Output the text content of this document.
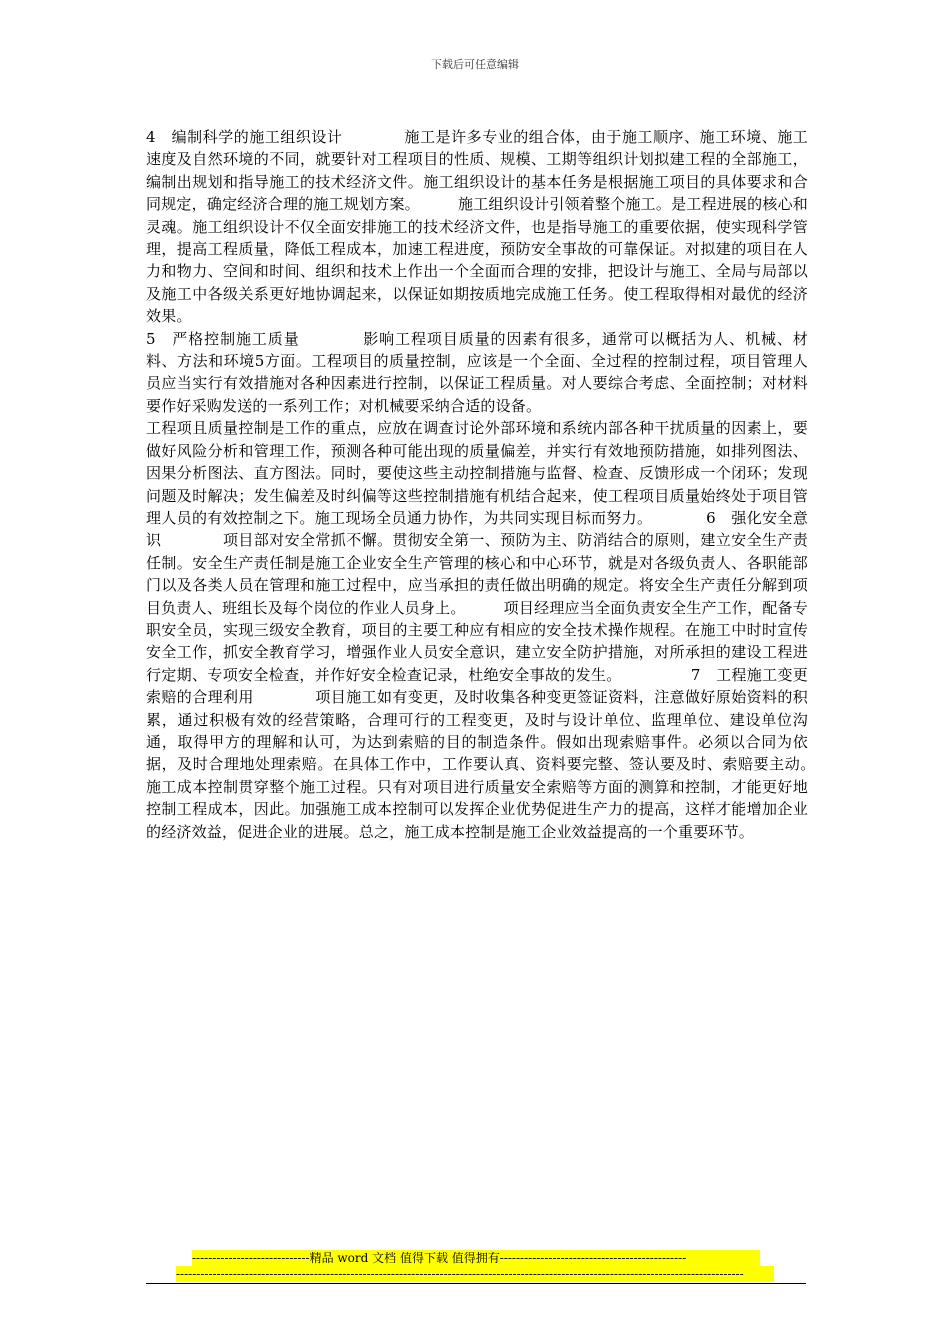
下载后可任意编辑

4　编制科学的施工组织设计　　　　施工是许多专业的组合体，由于施工顺序、施工环境、施工速度及自然环境的不同，就要针对工程项目的性质、规模、工期等组织计划拟建工程的全部施工，编制出规划和指导施工的技术经济文件。施工组织设计的基本任务是根据施工项目的具体要求和合同规定，确定经济合理的施工规划方案。　　　施工组织设计引领着整个施工。是工程进展的核心和灵魂。施工组织设计不仅全面安排施工的技术经济文件，也是指导施工的重要依据，使实现科学管理，提高工程质量，降低工程成本，加速工程进度，预防安全事故的可靠保证。对拟建的项目在人力和物力、空间和时间、组织和技术上作出一个全面而合理的安排，把设计与施工、全局与局部以及施工中各级关系更好地协调起来，以保证如期按质地完成施工任务。使工程取得相对最优的经济效果。

5　严格控制施工质量　　　　影响工程项目质量的因素有很多，通常可以概括为人、机械、材料、方法和环境5方面。工程项目的质量控制，应该是一个全面、全过程的控制过程，项目管理人员应当实行有效措施对各种因素进行控制，以保证工程质量。对人要综合考虑、全面控制；对材料要作好采购发送的一系列工作；对机械要采纳合适的设备。

工程项且质量控制是工作的重点，应放在调查讨论外部环境和系统内部各种干扰质量的因素上，要做好风险分析和管理工作，预测各种可能出现的质量偏差，并实行有效地预防措施，如排列图法、因果分析图法、直方图法。同时，要使这些主动控制措施与监督、检查、反馈形成一个闭环；发现问题及时解决；发生偏差及时纠偏等这些控制措施有机结合起来，使工程项目质量始终处于项目管理人员的有效控制之下。施工现场全员通力协作，为共同实现目标而努力。　　　　6　强化安全意识　　　　项目部对安全常抓不懈。贯彻安全第一、预防为主、防消结合的原则，建立安全生产责任制。安全生产责任制是施工企业安全生产管理的核心和中心环节，就是对各级负责人、各职能部门以及各类人员在管理和施工过程中，应当承担的责任做出明确的规定。将安全生产责任分解到项目负责人、班组长及每个岗位的作业人员身上。　　　项目经理应当全面负责安全生产工作，配备专职安全员，实现三级安全教育，项目的主要工种应有相应的安全技术操作规程。在施工中时时宣传安全工作，抓安全教育学习，增强作业人员安全意识，建立安全防护措施，对所承担的建设工程进行定期、专项安全检查，并作好安全检查记录，杜绝安全事故的发生。　　　　　7　工程施工变更索赔的合理利用　　　　项目施工如有变更，及时收集各种变更签证资料，注意做好原始资料的积累，通过积极有效的经营策略，合理可行的工程变更，及时与设计单位、监理单位、建设单位沟通，取得甲方的理解和认可，为达到索赔的目的制造条件。假如出现索赔事件。必须以合同为依据，及时合理地处理索赔。在具体工作中，工作要认真、资料要完整、签认要及时、索赔要主动。　　　施工成本控制贯穿整个施工过程。只有对项目进行质量安全索赔等方面的测算和控制，才能更好地控制工程成本，因此。加强施工成本控制可以发挥企业优势促进生产力的提高，这样才能增加企业的经济效益，促进企业的进展。总之，施工成本控制是施工企业效益提高的一个重要环节。

-----------------------------精品 word 文档 值得下载 值得拥有----------------------------------------------
--------------------------------------------------------------------------------------------------------------------------------------------
